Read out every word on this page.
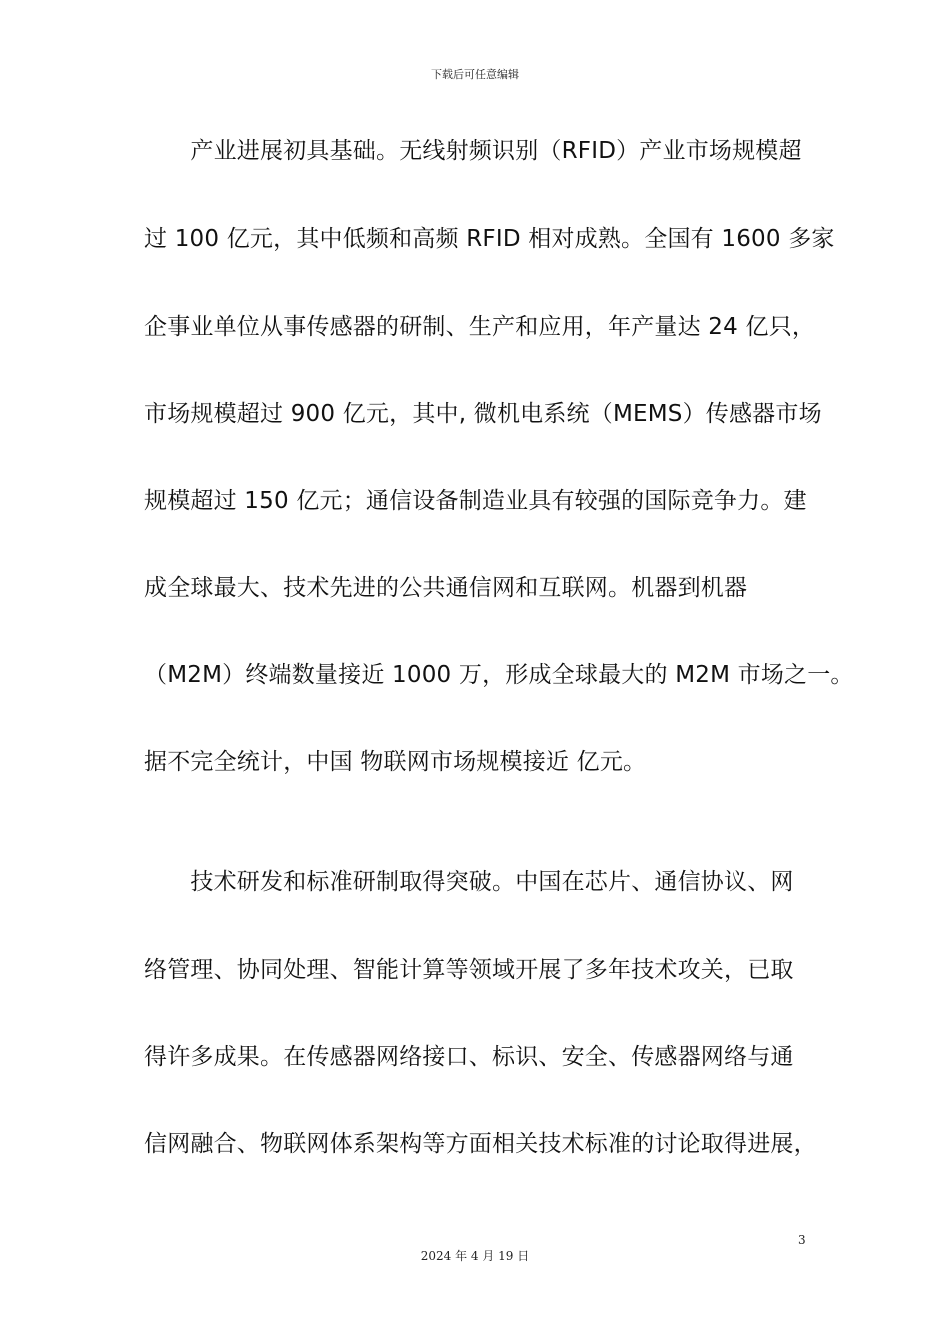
下载后可任意编辑
　　产业进展初具基础。无线射频识别（RFID）产业市场规模超
过 100 亿元，其中低频和高频 RFID 相对成熟。全国有 1600 多家
企事业单位从事传感器的研制、生产和应用，年产量达 24 亿只，
市场规模超过 900 亿元，其中, 微机电系统（MEMS）传感器市场
规模超过 150 亿元；通信设备制造业具有较强的国际竞争力。建
成全球最大、技术先进的公共通信网和互联网。机器到机器
（M2M）终端数量接近 1000 万，形成全球最大的 M2M 市场之一。
据不完全统计，中国 物联网市场规模接近 亿元。
　　技术研发和标准研制取得突破。中国在芯片、通信协议、网
络管理、协同处理、智能计算等领域开展了多年技术攻关，已取
得许多成果。在传感器网络接口、标识、安全、传感器网络与通
信网融合、物联网体系架构等方面相关技术标准的讨论取得进展，
3
2024 年 4 月 19 日
